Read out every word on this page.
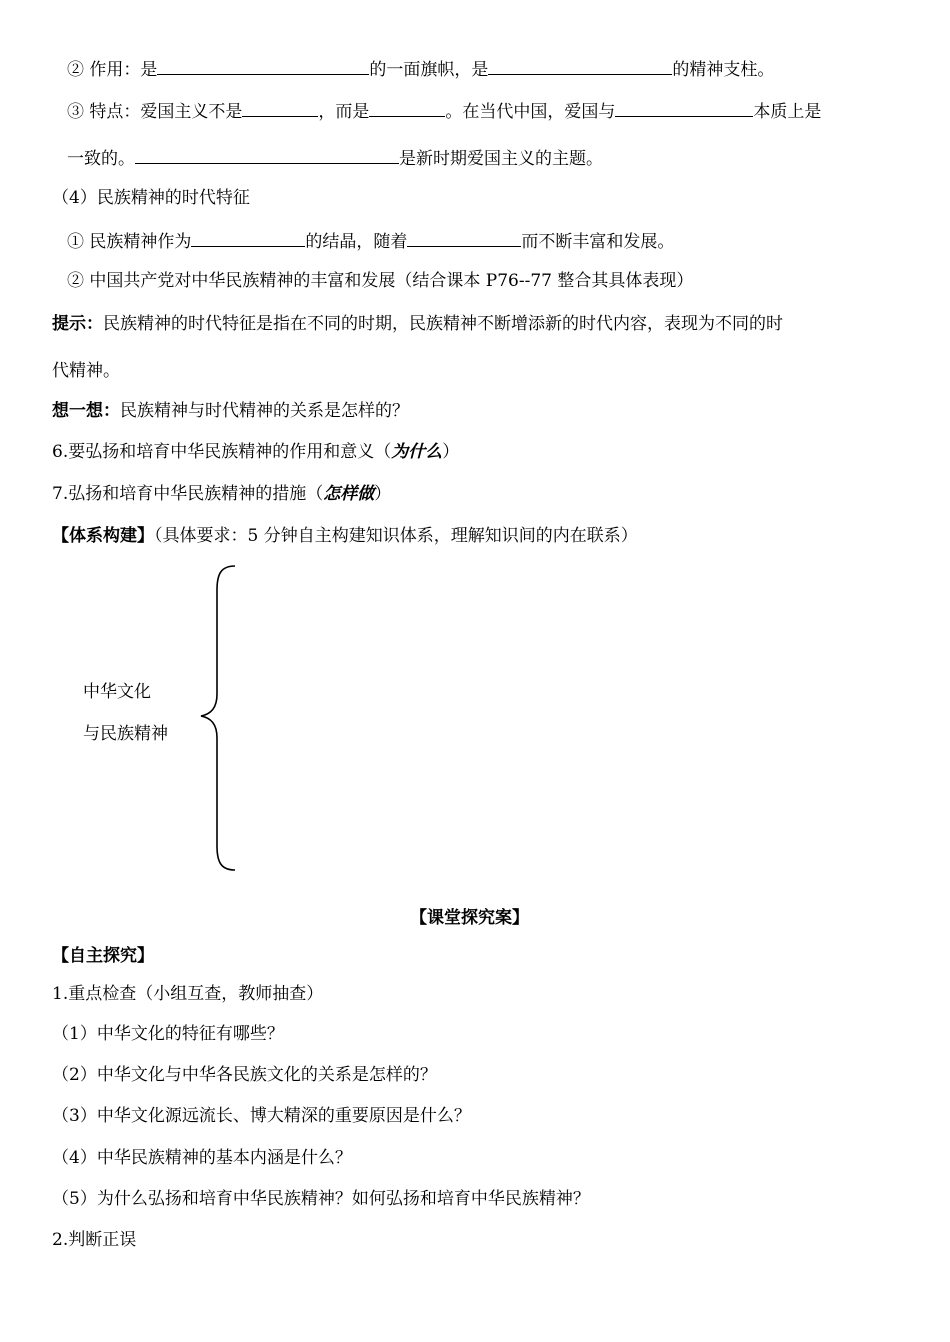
② 作用：是	的一面旗帜，是	的精神支柱。
③ 特点：爱国主义不是	，而是	。在当代中国，爱国与	本质上是
一致的。	是新时期爱国主义的主题。
（4）民族精神的时代特征
① 民族精神作为	的结晶，随着	而不断丰富和发展。
② 中国共产党对中华民族精神的丰富和发展（结合课本 P76--77 整合其具体表现）
提示：民族精神的时代特征是指在不同的时期，民族精神不断增添新的时代内容，表现为不同的时
代精神。
想一想：民族精神与时代精神的关系是怎样的？
6.要弘扬和培育中华民族精神的作用和意义（为什么）
7.弘扬和培育中华民族精神的措施（怎样做）
【体系构建】（具体要求：5 分钟自主构建知识体系，理解知识间的内在联系）
中华文化
与民族精神
【课堂探究案】
【自主探究】
1.重点检查（小组互查，教师抽查）
（1）中华文化的特征有哪些？
（2）中华文化与中华各民族文化的关系是怎样的？
（3）中华文化源远流长、博大精深的重要原因是什么？
（4）中华民族精神的基本内涵是什么？
（5）为什么弘扬和培育中华民族精神？如何弘扬和培育中华民族精神？
2.判断正误
